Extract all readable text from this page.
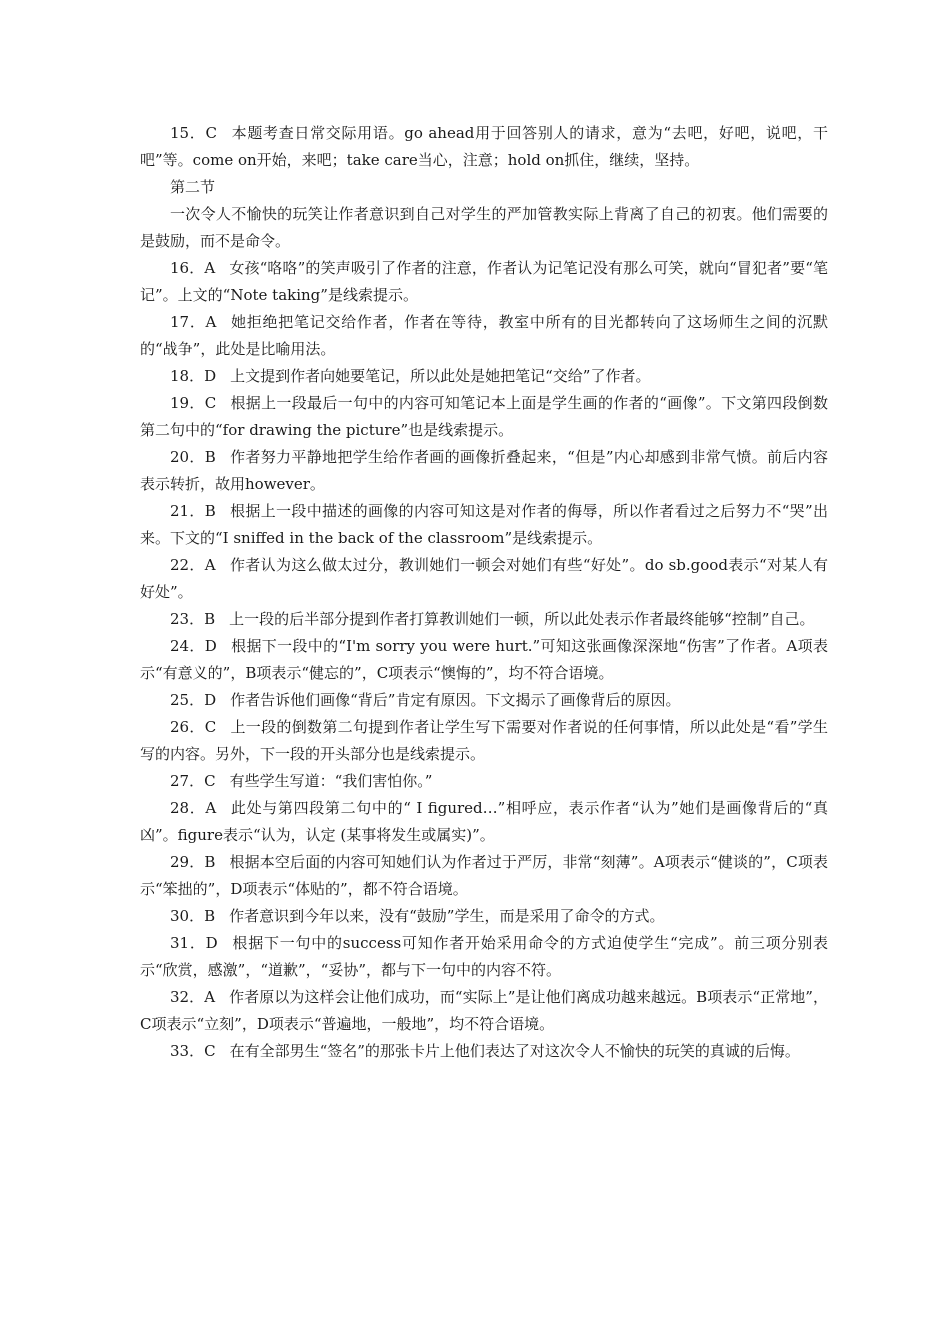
15．C 本题考查日常交际用语。go ahead用于回答别人的请求，意为“去吧，好吧，说吧，干吧”等。come on开始，来吧；take care当心，注意；hold on抓住，继续，坚持。

第二节

一次令人不愉快的玩笑让作者意识到自己对学生的严加管教实际上背离了自己的初衷。他们需要的是鼓励，而不是命令。

16．A 女孩“咯咯”的笑声吸引了作者的注意，作者认为记笔记没有那么可笑，就向“冒犯者”要“笔记”。上文的“Note taking”是线索提示。

17．A 她拒绝把笔记交给作者，作者在等待，教室中所有的目光都转向了这场师生之间的沉默的“战争”，此处是比喻用法。

18．D 上文提到作者向她要笔记，所以此处是她把笔记“交给”了作者。

19．C 根据上一段最后一句中的内容可知笔记本上面是学生画的作者的“画像”。下文第四段倒数第二句中的“for drawing the picture”也是线索提示。

20．B 作者努力平静地把学生给作者画的画像折叠起来，“但是”内心却感到非常气愤。前后内容表示转折，故用however。

21．B 根据上一段中描述的画像的内容可知这是对作者的侮辱，所以作者看过之后努力不“哭”出来。下文的“I sniffed in the back of the classroom”是线索提示。

22．A 作者认为这么做太过分，教训她们一顿会对她们有些“好处”。do sb.good表示“对某人有好处”。

23．B 上一段的后半部分提到作者打算教训她们一顿，所以此处表示作者最终能够“控制”自己。

24．D 根据下一段中的“I'm sorry you were hurt.”可知这张画像深深地“伤害”了作者。A项表示“有意义的”，B项表示“健忘的”，C项表示“懊悔的”，均不符合语境。

25．D 作者告诉他们画像“背后”肯定有原因。下文揭示了画像背后的原因。

26．C 上一段的倒数第二句提到作者让学生写下需要对作者说的任何事情，所以此处是“看”学生写的内容。另外，下一段的开头部分也是线索提示。

27．C 有些学生写道：“我们害怕你。”

28．A 此处与第四段第二句中的“ I figured…”相呼应，表示作者“认为”她们是画像背后的“真凶”。figure表示“认为，认定 (某事将发生或属实)”。

29．B 根据本空后面的内容可知她们认为作者过于严厉，非常“刻薄”。A项表示“健谈的”，C项表示“笨拙的”，D项表示“体贴的”，都不符合语境。

30．B 作者意识到今年以来，没有“鼓励”学生，而是采用了命令的方式。

31．D 根据下一句中的success可知作者开始采用命令的方式迫使学生“完成”。前三项分别表示“欣赏，感激”，“道歉”，“妥协”，都与下一句中的内容不符。

32．A 作者原以为这样会让他们成功，而“实际上”是让他们离成功越来越远。B项表示“正常地”，C项表示“立刻”，D项表示“普遍地，一般地”，均不符合语境。

33．C 在有全部男生“签名”的那张卡片上他们表达了对这次令人不愉快的玩笑的真诚的后悔。
